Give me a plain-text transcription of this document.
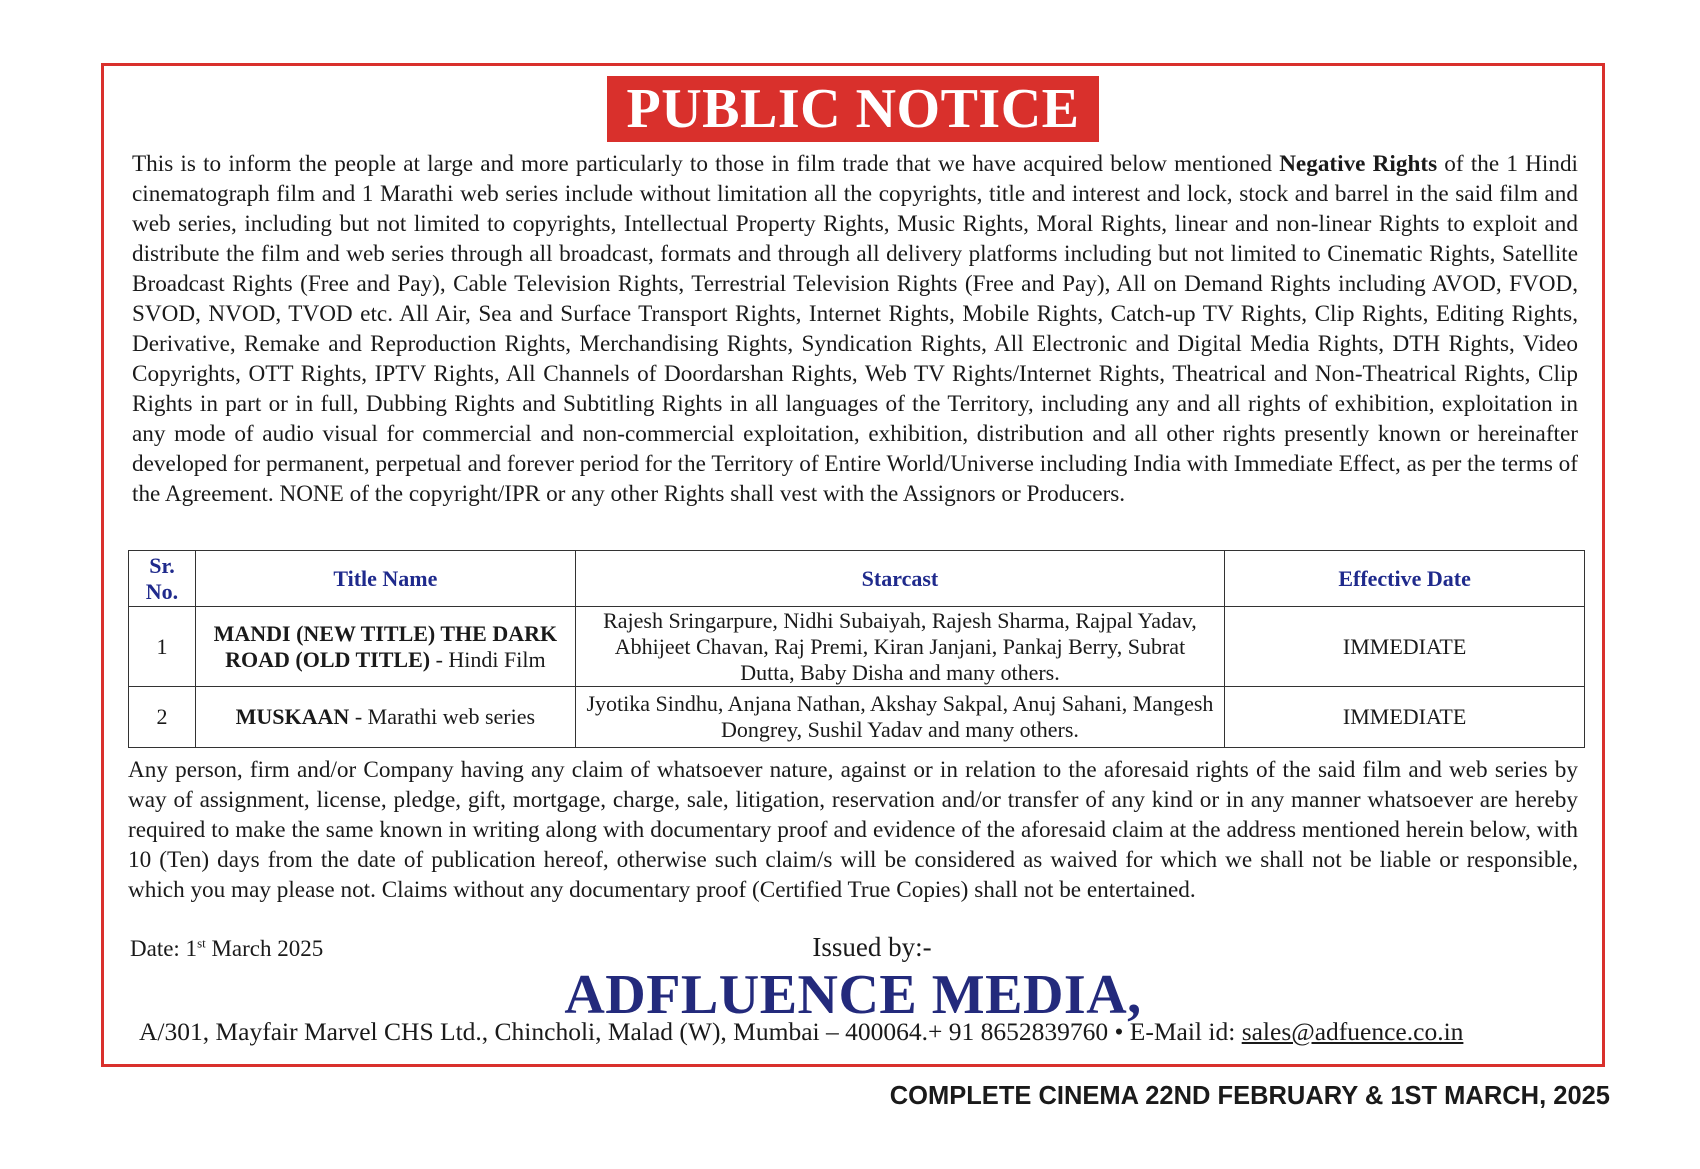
PUBLIC NOTICE

This is to inform the people at large and more particularly to those in film trade that we have acquired below mentioned Negative Rights of the 1 Hindi cinematograph film and 1 Marathi web series include without limitation all the copyrights, title and interest and lock, stock and barrel in the said film and web series, including but not limited to copyrights, Intellectual Property Rights, Music Rights, Moral Rights, linear and non-linear Rights to exploit and distribute the film and web series through all broadcast, formats and through all delivery platforms including but not limited to Cinematic Rights, Satellite Broadcast Rights (Free and Pay), Cable Television Rights, Terrestrial Television Rights (Free and Pay), All on Demand Rights including AVOD, FVOD, SVOD, NVOD, TVOD etc. All Air, Sea and Surface Transport Rights, Internet Rights, Mobile Rights, Catch-up TV Rights, Clip Rights, Editing Rights, Derivative, Remake and Reproduction Rights, Merchandising Rights, Syndication Rights, All Electronic and Digital Media Rights, DTH Rights, Video Copyrights, OTT Rights, IPTV Rights, All Channels of Doordarshan Rights, Web TV Rights/Internet Rights, Theatrical and Non-Theatrical Rights, Clip Rights in part or in full, Dubbing Rights and Subtitling Rights in all languages of the Territory, including any and all rights of exhibition, exploitation in any mode of audio visual for commercial and non-commercial exploitation, exhibition, distribution and all other rights presently known or hereinafter developed for permanent, perpetual and forever period for the Territory of Entire World/Universe including India with Immediate Effect, as per the terms of the Agreement. NONE of the copyright/IPR or any other Rights shall vest with the Assignors or Producers.

Sr. No.	Title Name	Starcast	Effective Date
1	MANDI (NEW TITLE) THE DARK ROAD (OLD TITLE) - Hindi Film	Rajesh Sringarpure, Nidhi Subaiyah, Rajesh Sharma, Rajpal Yadav, Abhijeet Chavan, Raj Premi, Kiran Janjani, Pankaj Berry, Subrat Dutta, Baby Disha and many others.	IMMEDIATE
2	MUSKAAN - Marathi web series	Jyotika Sindhu, Anjana Nathan, Akshay Sakpal, Anuj Sahani, Mangesh Dongrey, Sushil Yadav and many others.	IMMEDIATE

Any person, firm and/or Company having any claim of whatsoever nature, against or in relation to the aforesaid rights of the said film and web series by way of assignment, license, pledge, gift, mortgage, charge, sale, litigation, reservation and/or transfer of any kind or in any manner whatsoever are hereby required to make the same known in writing along with documentary proof and evidence of the aforesaid claim at the address mentioned herein below, with 10 (Ten) days from the date of publication hereof, otherwise such claim/s will be considered as waived for which we shall not be liable or responsible, which you may please not. Claims without any documentary proof (Certified True Copies) shall not be entertained.

Date: 1st March 2025	Issued by:-
ADFLUENCE MEDIA,
A/301, Mayfair Marvel CHS Ltd., Chincholi, Malad (W), Mumbai – 400064.+ 91 8652839760 • E-Mail id: sales@adfuence.co.in
COMPLETE CINEMA 22ND FEBRUARY & 1ST MARCH, 2025
